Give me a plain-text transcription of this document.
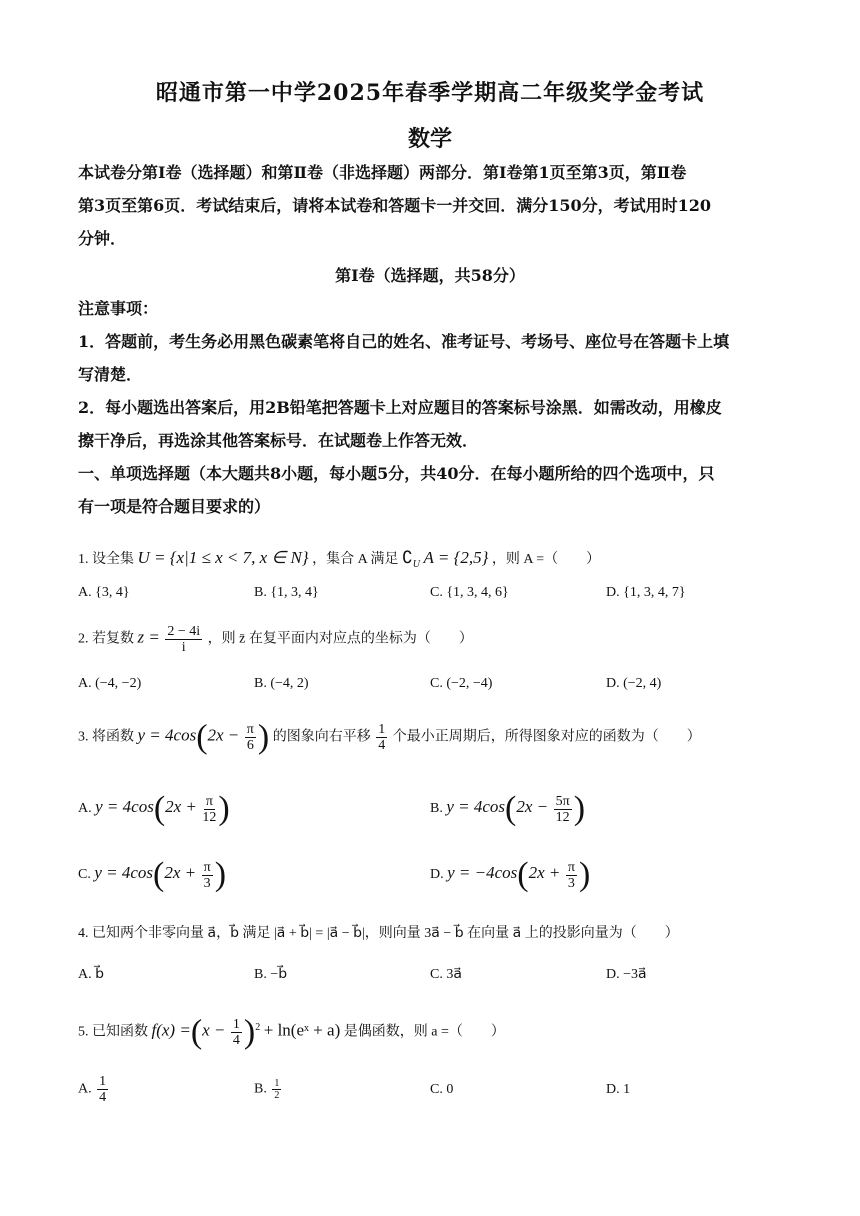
昭通市第一中学2025年春季学期高二年级奖学金考试
数学
本试卷分第Ⅰ卷（选择题）和第Ⅱ卷（非选择题）两部分．第Ⅰ卷第1页至第3页，第Ⅱ卷
第3页至第6页．考试结束后，请将本试卷和答题卡一并交回．满分150分，考试用时120
分钟．
第Ⅰ卷（选择题，共58分）
注意事项：
1．答题前，考生务必用黑色碳素笔将自己的姓名、准考证号、考场号、座位号在答题卡上填
写清楚．
2．每小题选出答案后，用2B铅笔把答题卡上对应题目的答案标号涂黑．如需改动，用橡皮
擦干净后，再选涂其他答案标号．在试题卷上作答无效．
一、单项选择题（本大题共8小题，每小题5分，共40分．在每小题所给的四个选项中，只
有一项是符合题目要求的）
1. 设全集 U = {x|1 ≤ x < 7, x ∈ N} ，集合 A 满足 $∁_U$ A = {2,5} ，则 A =（　　）
A. {3, 4}	B. {1, 3, 4}	C. {1, 3, 4, 6}	D. {1, 3, 4, 7}
2. 若复数 $z = \frac{2 - 4i}{i}$ ，则 z̄ 在复平面内对应点的坐标为（　　）
A. (−4, −2)	B. (−4, 2)	C. (−2, −4)	D. (−2, 4)
3. 将函数 $y = 4\cos(2x - \frac{\pi}{6}$ ) 的图象向右平移 $\frac{1}{4}$ 个最小正周期后，所得图象对应的函数为（　　）
A. $y = 4\cos(2x + \frac{\pi}{12}$ )	B. $y = 4\cos(2x - \frac{5\pi}{12}$ )
C. $y = 4\cos(2x + \frac{\pi}{3}$ )	D. $y = -4\cos(2x + \frac{\pi}{3}$ )
4. 已知两个非零向量 a⃗，b⃗ 满足 |a⃗ + b⃗| = |a⃗ − b⃗|，则向量 3a⃗ − b⃗ 在向量 a⃗ 上的投影向量为（　　）
A. b⃗	B. −b⃗	C. 3a⃗	D. −3a⃗
5. 已知函数 $f(x) =(x - \frac{1}{4} )^2$ + ln(eˣ + a) 是偶函数，则 a =（　　）
A. $\frac{1}{4}$	B. $\frac{1}{2}$	C. 0	D. 1
